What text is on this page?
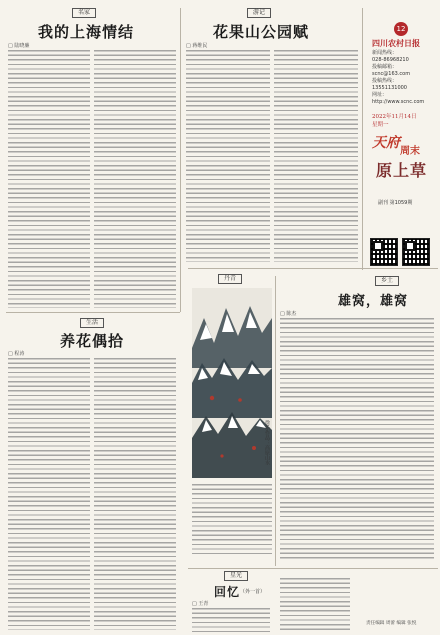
12
四川农村日报
新闻热线：
028-86968210
投稿邮箱：
scnc@163.com
投稿热线：
13551131000
网址：
http://www.scnc.com
2022年11月14日
星期一
天府
周末
原上草
副刊 第1059期
名家
我的上海情结
□ 陆晓廉
游记
花果山公园赋
□ 蒋维民
生活
养花偶拾
□ 程涛
丹青
徐乐作品：高原山水
乡土
雄窝，雄窝
□ 陈杰
星光
回忆 （外一首）
□ 王青
责任编辑 周蕾 编辑 张悦
